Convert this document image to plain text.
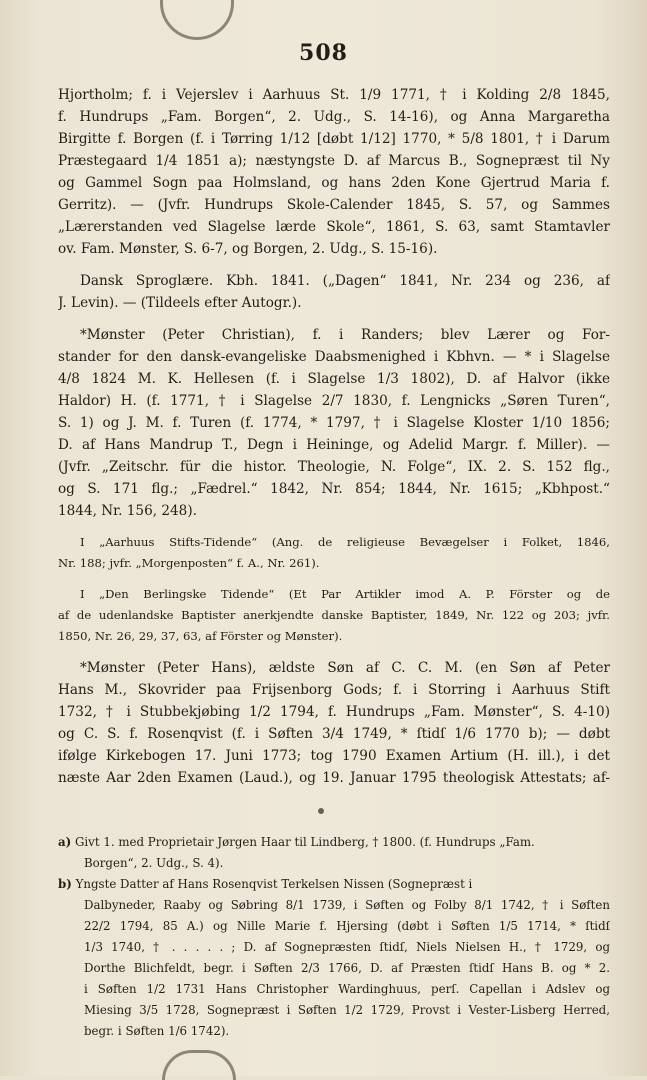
508
Hjortholm; f. i Vejerslev i Aarhuus St. 1/9 1771, † i Kolding 2/8 1845,
f. Hundrups „Fam. Borgen“, 2. Udg., S. 14-16), og Anna Margaretha
Birgitte f. Borgen (f. i Tørring 1/12 [døbt 1/12] 1770, * 5/8 1801, † i Darum
Præstegaard 1/4 1851 a); næstyngste D. af Marcus B., Sognepræst til Ny
og Gammel Sogn paa Holmsland, og hans 2den Kone Gjertrud Maria f.
Gerritz). — (Jvfr. Hundrups Skole-Calender 1845, S. 57, og Sammes
„Lærerstanden ved Slagelse lærde Skole“, 1861, S. 63, samt Stamtavler
ov. Fam. Mønster, S. 6-7, og Borgen, 2. Udg., S. 15-16).
Dansk Sproglære. Kbh. 1841. („Dagen“ 1841, Nr. 234 og 236, af
J. Levin). — (Tildeels efter Autogr.).
*Mønster (Peter Christian), f. i Randers; blev Lærer og For-
stander for den dansk-evangeliske Daabsmenighed i Kbhvn. — * i Slagelse
4/8 1824 M. K. Hellesen (f. i Slagelse 1/3 1802), D. af Halvor (ikke
Haldor) H. (f. 1771, † i Slagelse 2/7 1830, f. Lengnicks „Søren Turen“,
S. 1) og J. M. f. Turen (f. 1774, * 1797, † i Slagelse Kloster 1/10 1856;
D. af Hans Mandrup T., Degn i Heininge, og Adelid Margr. f. Miller). —
(Jvfr. „Zeitschr. für die histor. Theologie, N. Folge“, IX. 2. S. 152 flg.,
og S. 171 flg.; „Fædrel.“ 1842, Nr. 854; 1844, Nr. 1615; „Kbhpost.“
1844, Nr. 156, 248).
I „Aarhuus Stifts-Tidende“ (Ang. de religieuse Bevægelser i Folket, 1846,
Nr. 188; jvfr. „Morgenposten“ f. A., Nr. 261).
I „Den Berlingske Tidende“ (Et Par Artikler imod A. P. Förster og de
af de udenlandske Baptister anerkjendte danske Baptister, 1849, Nr. 122 og 203; jvfr.
1850, Nr. 26, 29, 37, 63, af Förster og Mønster).
*Mønster (Peter Hans), ældste Søn af C. C. M. (en Søn af Peter
Hans M., Skovrider paa Frijsenborg Gods; f. i Storring i Aarhuus Stift
1732, † i Stubbekjøbing 1/2 1794, f. Hundrups „Fam. Mønster“, S. 4-10)
og C. S. f. Rosenqvist (f. i Søften 3/4 1749, * ſtidſ 1/6 1770 b); — døbt
ifølge Kirkebogen 17. Juni 1773; tog 1790 Examen Artium (H. ill.), i det
næste Aar 2den Examen (Laud.), og 19. Januar 1795 theologisk Attestats; af-
a) Givt 1. med Proprietair Jørgen Haar til Lindberg, † 1800. (f. Hundrups „Fam.
Borgen“, 2. Udg., S. 4).
b) Yngste Datter af Hans Rosenqvist Terkelsen Nissen (Sognepræst i
Dalbyneder, Raaby og Søbring 8/1 1739, i Søften og Folby 8/1 1742, † i Søften
22/2 1794, 85 A.) og Nille Marie f. Hjersing (døbt i Søften 1/5 1714, * ſtidſ
1/3 1740, † . . . . . ; D. af Sognepræsten ſtidſ, Niels Nielsen H., † 1729, og
Dorthe Blichfeldt, begr. i Søften 2/3 1766, D. af Præsten ſtidſ Hans B. og * 2.
i Søften 1/2 1731 Hans Christopher Wardinghuus, perſ. Capellan i Adslev og
Miesing 3/5 1728, Sognepræst i Søften 1/2 1729, Provst i Vester-Lisberg Herred,
begr. i Søften 1/6 1742).
